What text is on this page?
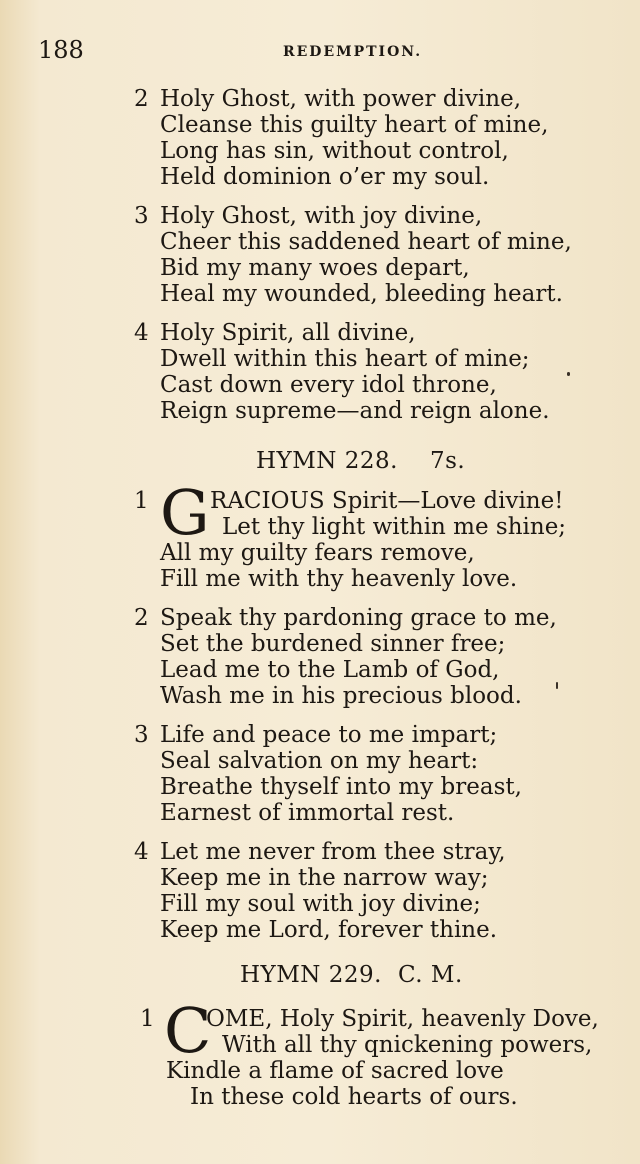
188	REDEMPTION.
2 Holy Ghost, with power divine,
Cleanse this guilty heart of mine,
Long has sin, without control,
Held dominion o’er my soul.
3 Holy Ghost, with joy divine,
Cheer this saddened heart of mine,
Bid my many woes depart,
Heal my wounded, bleeding heart.
4 Holy Spirit, all divine,
Dwell within this heart of mine;
Cast down every idol throne,
Reign supreme—and reign alone.
HYMN 228. 7s.
1 G RACIOUS Spirit—Love divine!
Let thy light within me shine;
All my guilty fears remove,
Fill me with thy heavenly love.
2 Speak thy pardoning grace to me,
Set the burdened sinner free;
Lead me to the Lamb of God,
Wash me in his precious blood.
3 Life and peace to me impart;
Seal salvation on my heart:
Breathe thyself into my breast,
Earnest of immortal rest.
4 Let me never from thee stray,
Keep me in the narrow way;
Fill my soul with joy divine;
Keep me Lord, forever thine.
HYMN 229. C. M.
1 C
OME, Holy Spirit, heavenly Dove,
With all thy qnickening powers,
Kindle a flame of sacred love
In these cold hearts of ours.
